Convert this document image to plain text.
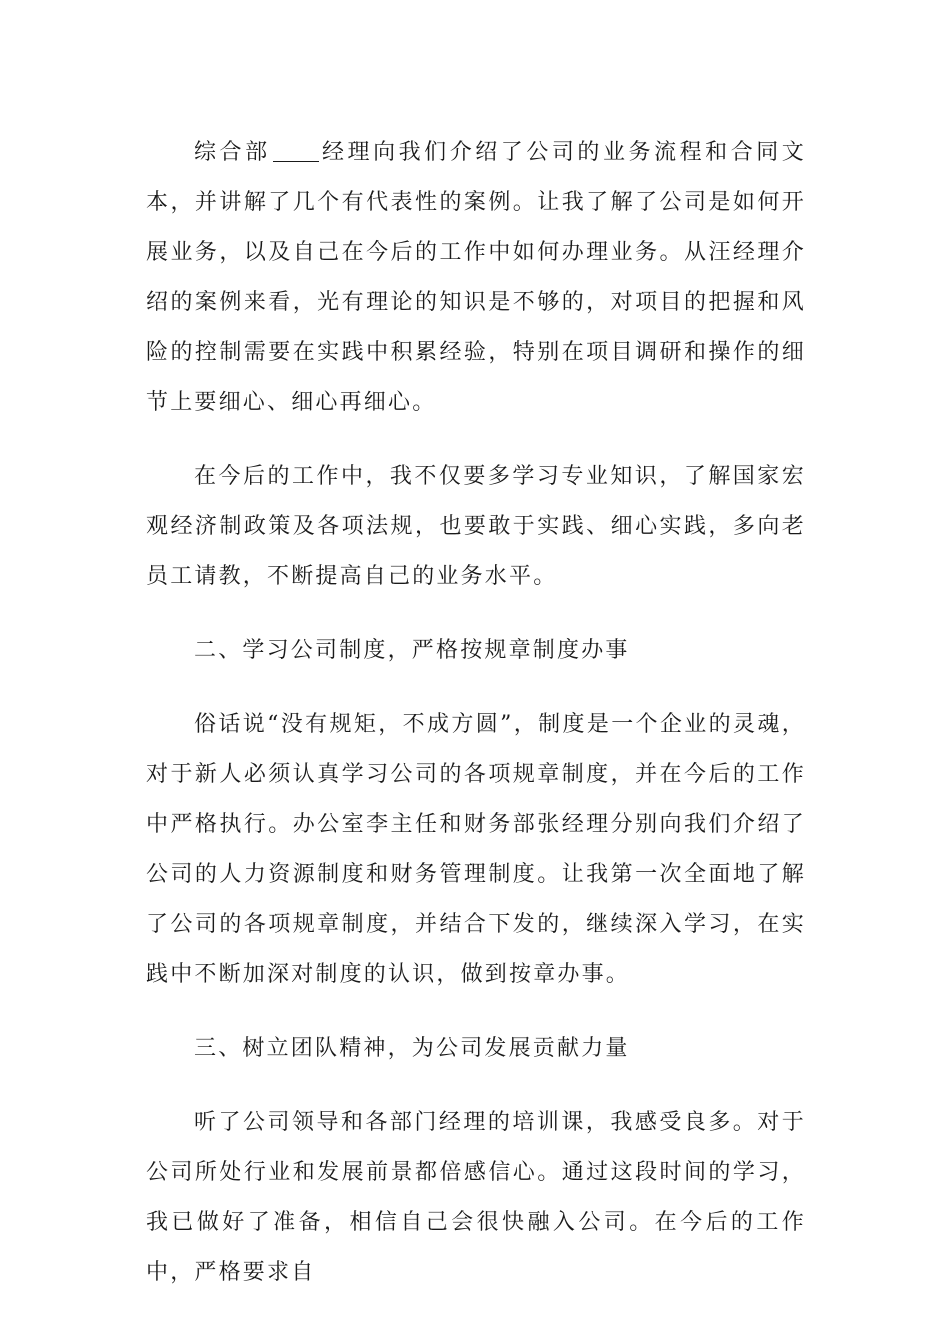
综合部 经理向我们介绍了公司的业务流程和合同文本，并讲解了几个有代表性的案例。让我了解了公司是如何开展业务，以及自己在今后的工作中如何办理业务。从汪经理介绍的案例来看，光有理论的知识是不够的，对项目的把握和风险的控制需要在实践中积累经验，特别在项目调研和操作的细节上要细心、细心再细心。

在今后的工作中，我不仅要多学习专业知识，了解国家宏观经济制政策及各项法规，也要敢于实践、细心实践，多向老员工请教，不断提高自己的业务水平。

二、学习公司制度，严格按规章制度办事

俗话说“没有规矩，不成方圆”，制度是一个企业的灵魂，对于新人必须认真学习公司的各项规章制度，并在今后的工作中严格执行。办公室李主任和财务部张经理分别向我们介绍了公司的人力资源制度和财务管理制度。让我第一次全面地了解了公司的各项规章制度，并结合下发的，继续深入学习，在实践中不断加深对制度的认识，做到按章办事。

三、树立团队精神，为公司发展贡献力量

听了公司领导和各部门经理的培训课，我感受良多。对于公司所处行业和发展前景都倍感信心。通过这段时间的学习，我已做好了准备，相信自己会很快融入公司。在今后的工作中，严格要求自
